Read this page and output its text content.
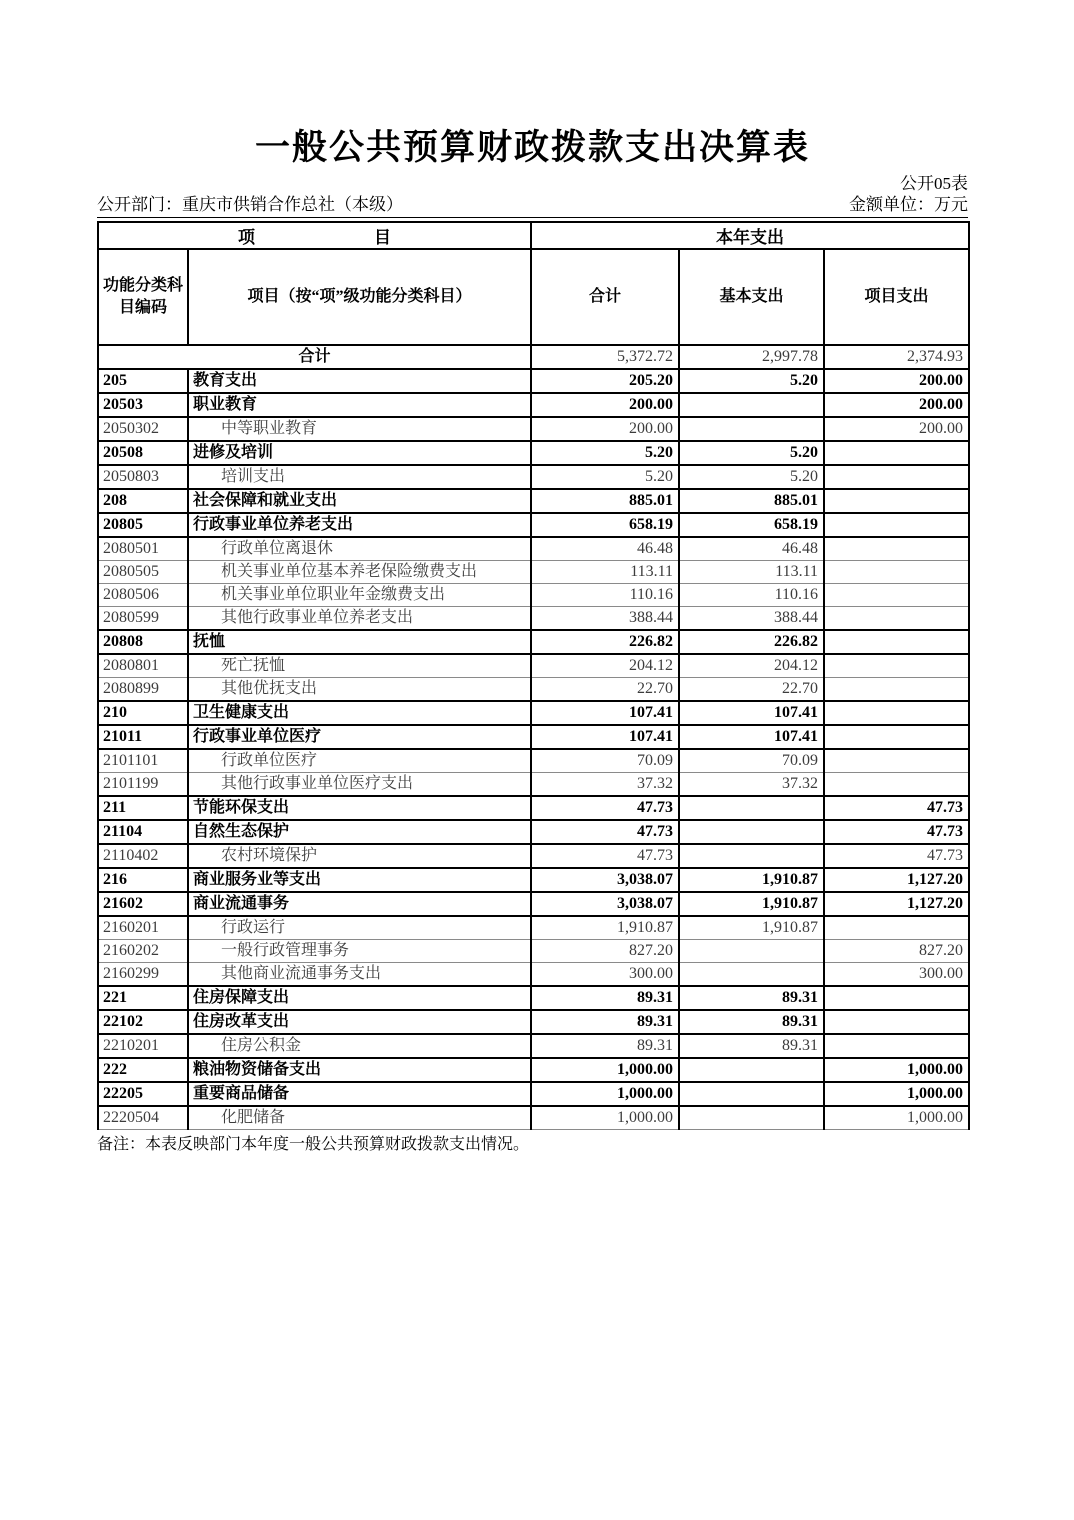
一般公共预算财政拨款支出决算表
公开05表
公开部门：重庆市供销合作总社（本级）	金额单位：万元
项　　　　　　　目		本年支出		
功能分类科目编码	项目（按“项”级功能分类科目）	合计	基本支出	项目支出
合计		5,372.72	2,997.78	2,374.93
205	教育支出	205.20	5.20	200.00
20503	职业教育	200.00		200.00
2050302	中等职业教育	200.00		200.00
20508	进修及培训	5.20	5.20	
2050803	培训支出	5.20	5.20	
208	社会保障和就业支出	885.01	885.01	
20805	行政事业单位养老支出	658.19	658.19	
2080501	行政单位离退休	46.48	46.48	
2080505	机关事业单位基本养老保险缴费支出	113.11	113.11	
2080506	机关事业单位职业年金缴费支出	110.16	110.16	
2080599	其他行政事业单位养老支出	388.44	388.44	
20808	抚恤	226.82	226.82	
2080801	死亡抚恤	204.12	204.12	
2080899	其他优抚支出	22.70	22.70	
210	卫生健康支出	107.41	107.41	
21011	行政事业单位医疗	107.41	107.41	
2101101	行政单位医疗	70.09	70.09	
2101199	其他行政事业单位医疗支出	37.32	37.32	
211	节能环保支出	47.73		47.73
21104	自然生态保护	47.73		47.73
2110402	农村环境保护	47.73		47.73
216	商业服务业等支出	3,038.07	1,910.87	1,127.20
21602	商业流通事务	3,038.07	1,910.87	1,127.20
2160201	行政运行	1,910.87	1,910.87	
2160202	一般行政管理事务	827.20		827.20
2160299	其他商业流通事务支出	300.00		300.00
221	住房保障支出	89.31	89.31	
22102	住房改革支出	89.31	89.31	
2210201	住房公积金	89.31	89.31	
222	粮油物资储备支出	1,000.00		1,000.00
22205	重要商品储备	1,000.00		1,000.00
2220504	化肥储备	1,000.00		1,000.00
备注：本表反映部门本年度一般公共预算财政拨款支出情况。
